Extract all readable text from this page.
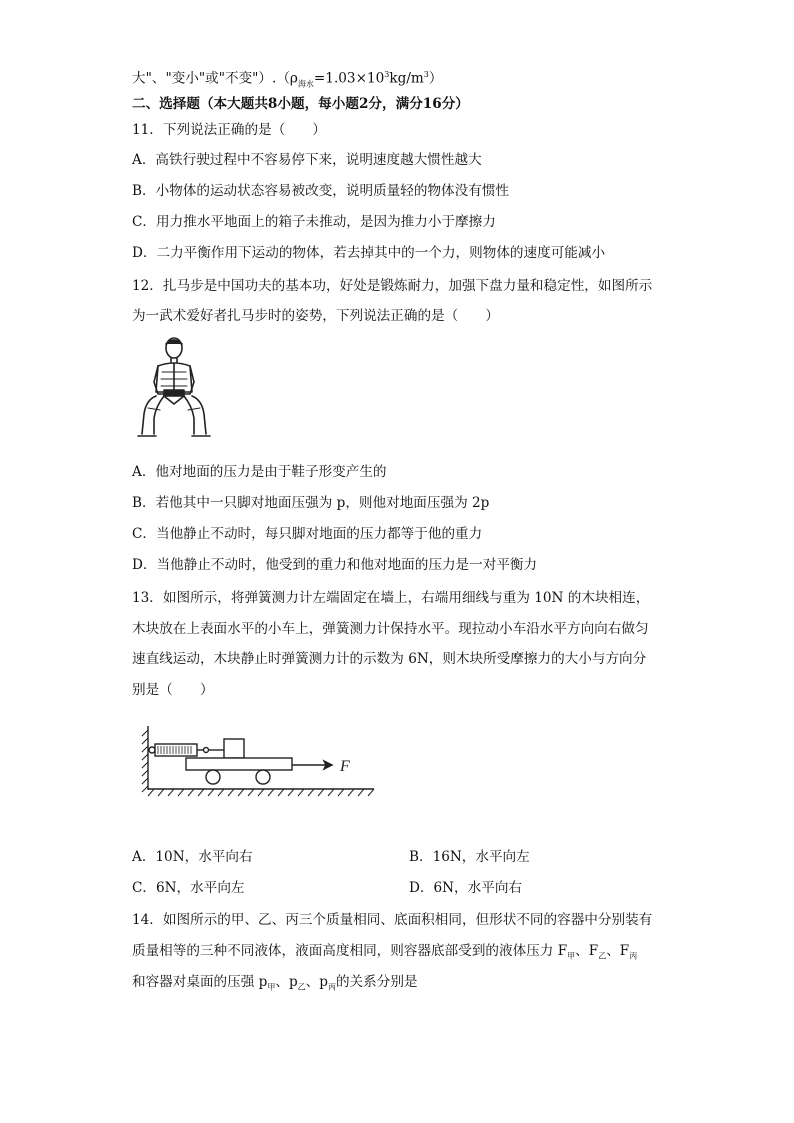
大"、"变小"或"不变"）$.(\rho_{海水}=1.03\times 10^3kg/m^3)$
二、选择题（本大题共8小题，每小题2分，满分16分）
11．下列说法正确的是（　　）
A．高铁行驶过程中不容易停下来，说明速度越大惯性越大
B．小物体的运动状态容易被改变，说明质量轻的物体没有惯性
C．用力推水平地面上的箱子未推动，是因为推力小于摩擦力
D．二力平衡作用下运动的物体，若去掉其中的一个力，则物体的速度可能减小
12．扎马步是中国功夫的基本功，好处是锻炼耐力，加强下盘力量和稳定性，如图所示
为一武术爱好者扎马步时的姿势，下列说法正确的是（　　）
A．他对地面的压力是由于鞋子形变产生的
B．若他其中一只脚对地面压强为 p，则他对地面压强为 2p
C．当他静止不动时，每只脚对地面的压力都等于他的重力
D．当他静止不动时，他受到的重力和他对地面的压力是一对平衡力
13．如图所示，将弹簧测力计左端固定在墙上，右端用细线与重为 10N 的木块相连，
木块放在上表面水平的小车上，弹簧测力计保持水平。现拉动小车沿水平方向向右做匀
速直线运动，木块静止时弹簧测力计的示数为 6N，则木块所受摩擦力的大小与方向分
别是（　　）
F
A．10N，水平向右	B．16N，水平向左
C．6N，水平向左	D．6N，水平向右
14．如图所示的甲、乙、丙三个质量相同、底面积相同，但形状不同的容器中分别装有
质量相等的三种不同液体，液面高度相同，则容器底部受到的液体压力 $F_甲$、$F_乙$、$F_丙$
和容器对桌面的压强 $p_甲$、$p_乙$、$p_丙$的关系分别是
